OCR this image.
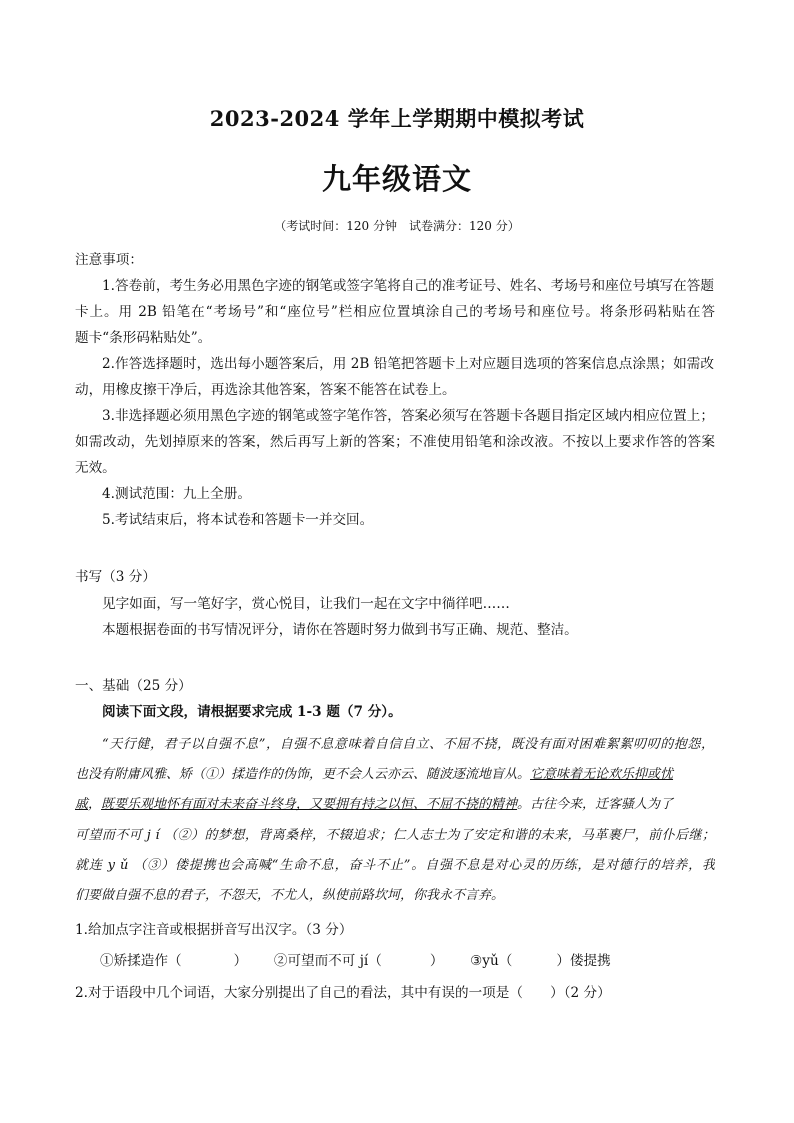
2023-2024 学年上学期期中模拟考试
九年级语文
（考试时间：120 分钟　试卷满分：120 分）
注意事项：
1.答卷前，考生务必用黑色字迹的钢笔或签字笔将自己的准考证号、姓名、考场号和座位号填写在答题
卡上。用 2B 铅笔在“考场号”和“座位号”栏相应位置填涂自己的考场号和座位号。将条形码粘贴在答
题卡“条形码粘贴处”。
2.作答选择题时，选出每小题答案后，用 2B 铅笔把答题卡上对应题目选项的答案信息点涂黑；如需改
动，用橡皮擦干净后，再选涂其他答案，答案不能答在试卷上。
3.非选择题必须用黑色字迹的钢笔或签字笔作答，答案必须写在答题卡各题目指定区域内相应位置上；
如需改动，先划掉原来的答案，然后再写上新的答案；不准使用铅笔和涂改液。不按以上要求作答的答案
无效。
4.测试范围：九上全册。
5.考试结束后，将本试卷和答题卡一并交回。
书写（3 分）
见字如面，写一笔好字，赏心悦目，让我们一起在文字中徜徉吧……
本题根据卷面的书写情况评分，请你在答题时努力做到书写正确、规范、整洁。
一、基础（25 分）
阅读下面文段，请根据要求完成 1-3 题（7 分）。
“天行健，君子以自强不息”，自强不息意味着自信自立、不屈不挠，既没有面对困难絮絮叨叨的抱怨，
也没有附庸风雅、矫（①）揉造作的伪饰，更不会人云亦云、随波逐流地盲从。它意味着无论欢乐抑或忧
戚，既要乐观地怀有面对未来奋斗终身，又要拥有持之以恒、不屈不挠的精神。古往今来，迁客骚人为了
可望而不可 j í （②）的梦想，背离桑梓，不辍追求；仁人志士为了安定和谐的未来，马革裹尸，前仆后继；
就连 y ǔ （③）偻提携也会高喊“生命不息，奋斗不止”。自强不息是对心灵的历练，是对德行的培养，我
们要做自强不息的君子，不怨天，不尤人，纵使前路坎坷，你我永不言弃。
1.给加点字注音或根据拼音写出汉字。（3 分）
①矫揉造作（	） ②可望而不可 jí（	） ③yǔ（	）偻提携
2.对于语段中几个词语，大家分别提出了自己的看法，其中有误的一项是（　　）（2 分）
